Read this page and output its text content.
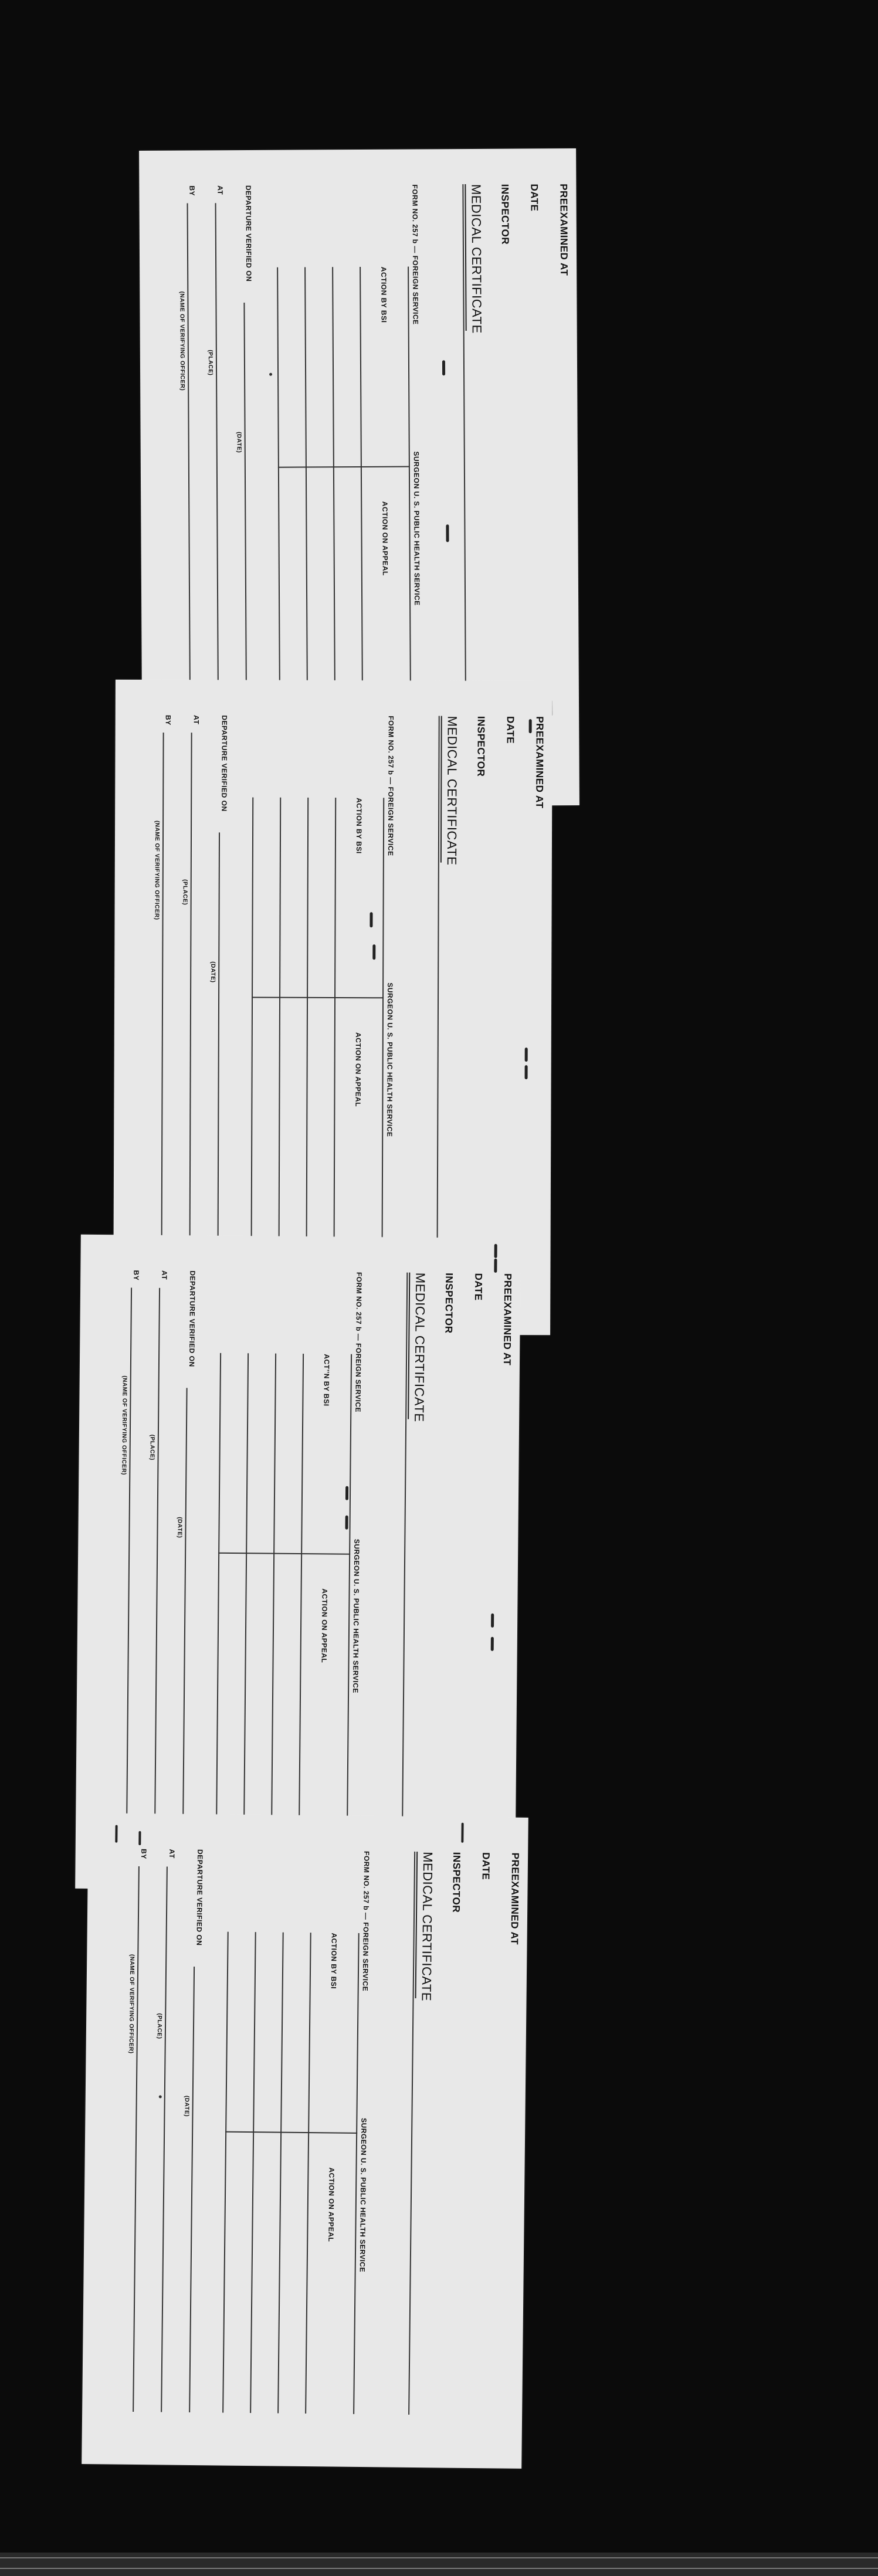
PREEXAMINED AT
DATE
INSPECTOR
MEDICAL CERTIFICATE
FORM NO. 257 b — FOREIGN SERVICE
SURGEON U. S. PUBLIC HEALTH SERVICE
ACTION BY BSI
ACTION ON APPEAL
DEPARTURE VERIFIED ON
(DATE)
AT
(PLACE)
BY
(NAME OF VERIFYING OFFICER)
PREEXAMINED AT
DATE
INSPECTOR
MEDICAL CERTIFICATE
FORM NO. 257 b — FOREIGN SERVICE
SURGEON U. S. PUBLIC HEALTH SERVICE
ACTION BY BSI
ACTION ON APPEAL
DEPARTURE VERIFIED ON
(DATE)
AT
(PLACE)
BY
(NAME OF VERIFYING OFFICER)
PREEXAMINED AT
DATE
INSPECTOR
MEDICAL CERTIFICATE
FORM NO. 257 b — FOREIGN SERVICE
SURGEON U. S. PUBLIC HEALTH SERVICE
ACT’’N BY BSI
ACTION ON APPEAL
DEPARTURE VERIFIED ON
(DATE)
AT
(PLACE)
BY
(NAME OF VERIFYING OFFICER)
PREEXAMINED AT
DATE
INSPECTOR
MEDICAL CERTIFICATE
FORM NO. 257 b — FOREIGN SERVICE
SURGEON U. S. PUBLIC HEALTH SERVICE
ACTION BY BSI
ACTION ON APPEAL
DEPARTURE VERIFIED ON
(DATE)
AT
(PLACE)
BY
(NAME OF VERIFYING OFFICER)
